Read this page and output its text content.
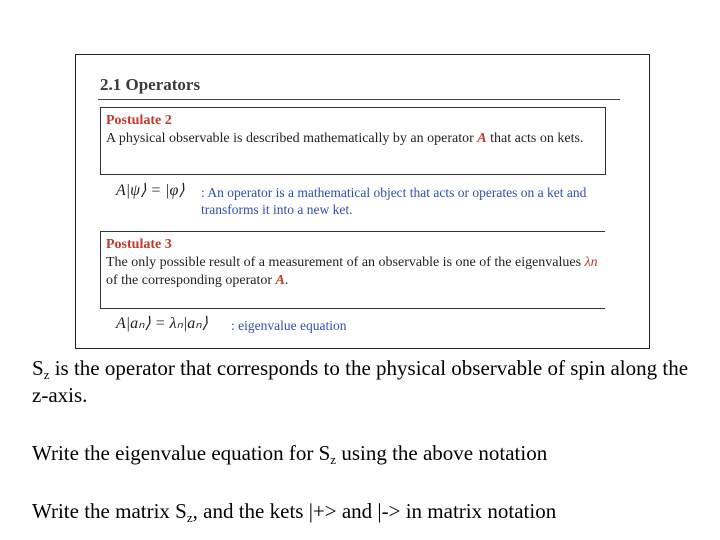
2.1 Operators
Postulate 2
A physical observable is described mathematically by an operator A that acts on kets.
A|ψ⟩ = |φ⟩ : An operator is a mathematical object that acts or operates on a ket and transforms it into a new ket.
Postulate 3
The only possible result of a measurement of an observable is one of the eigenvalues λn of the corresponding operator A.
A|aₙ⟩ = λₙ|aₙ⟩ : eigenvalue equation
$S_z$ is the operator that corresponds to the physical observable of spin along the z-axis.
Write the eigenvalue equation for $S_z$ using the above notation
Write the matrix $S_z$, and the kets |+> and |-> in matrix notation
